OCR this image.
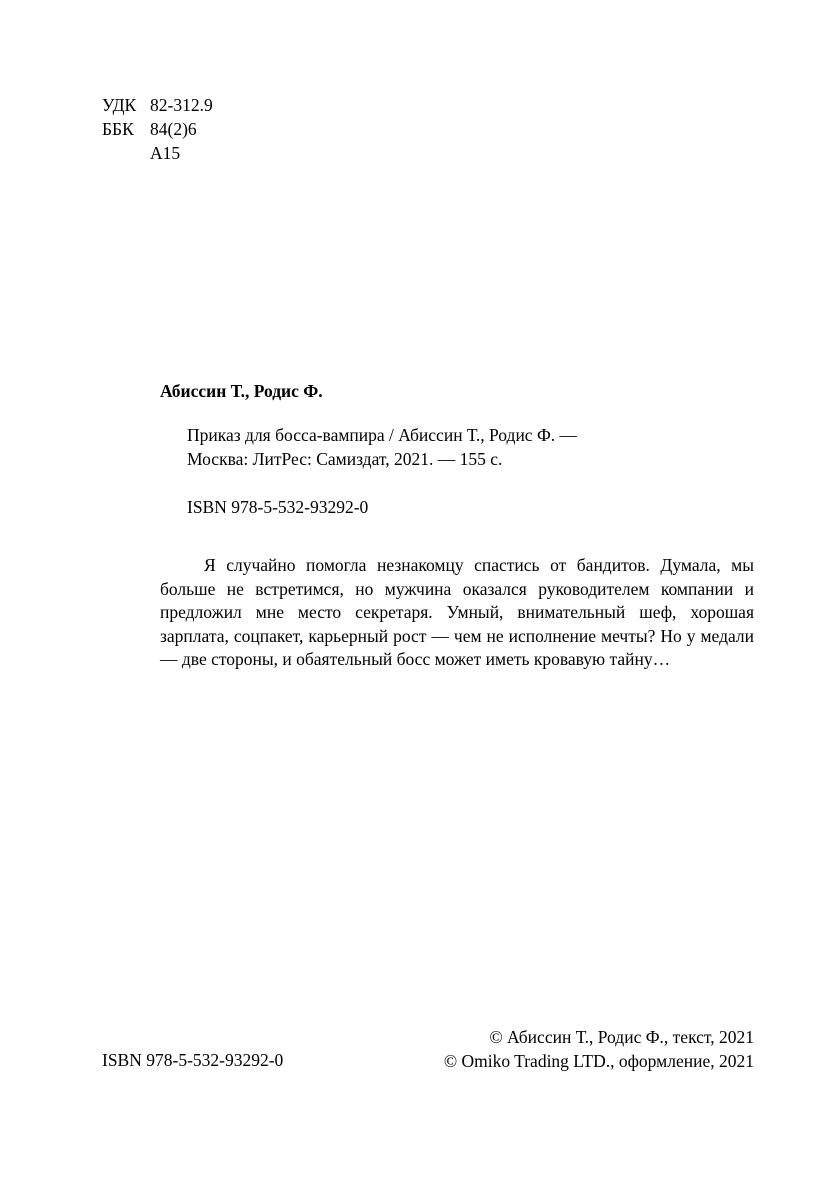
УДК 82-312.9
ББК 84(2)6
А15
Абиссин Т., Родис Ф.
Приказ для босса-вампира / Абиссин Т., Родис Ф. —
Москва: ЛитРес: Самиздат, 2021. — 155 с.
ISBN 978-5-532-93292-0

Я случайно помогла незнакомцу спастись от бандитов. Думала, мы больше не встретимся, но мужчина оказался руководителем компании и предложил мне место секретаря. Умный, внимательный шеф, хорошая зарплата, соцпакет, карьерный рост — чем не исполнение мечты? Но у медали — две стороны, и обаятельный босс может иметь кровавую тайну…

ISBN 978-5-532-93292-0
© Абиссин Т., Родис Ф., текст, 2021
© Omiko Trading LTD., оформление, 2021
